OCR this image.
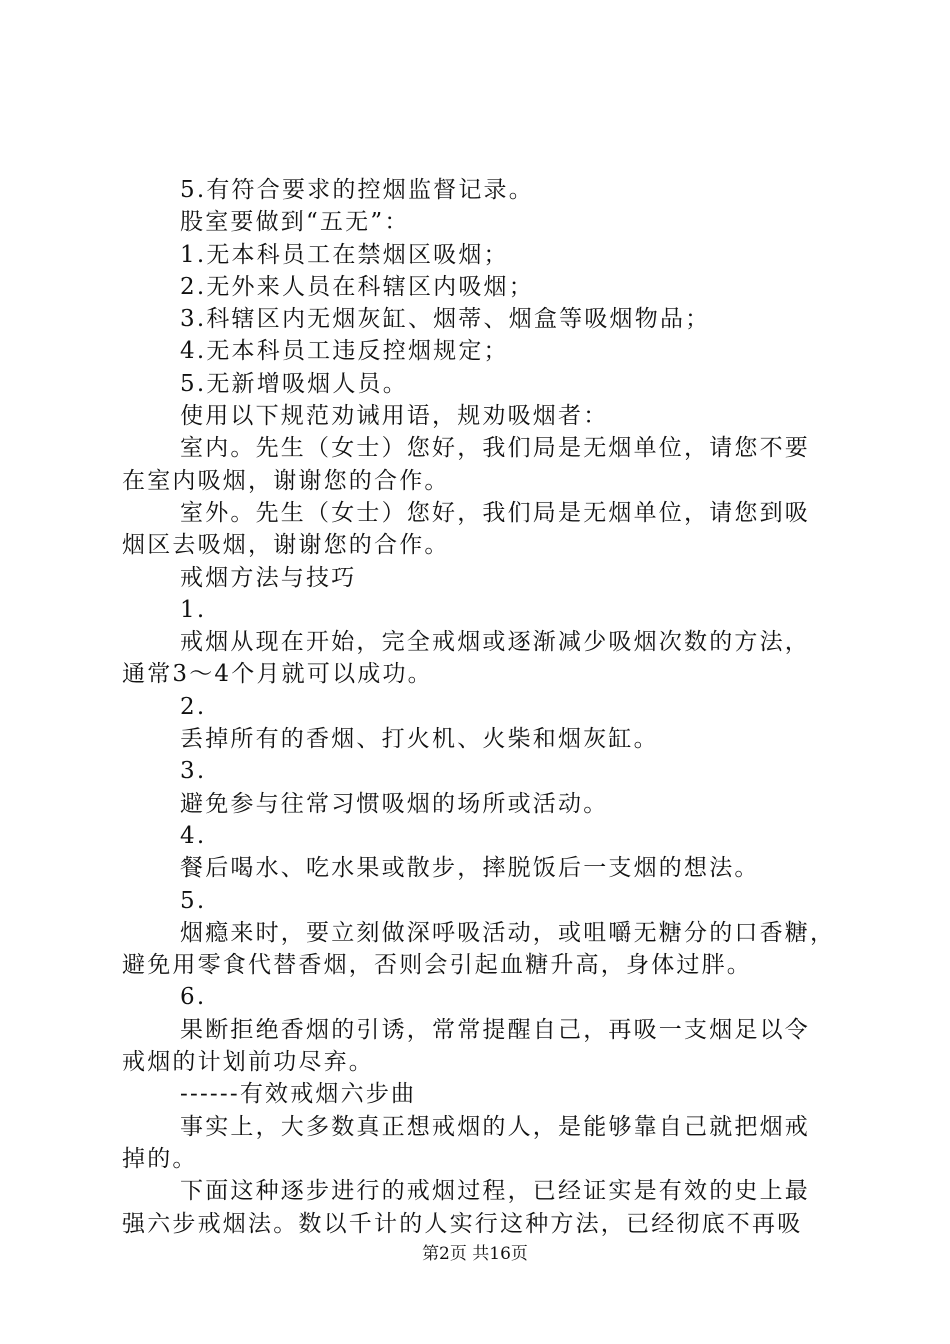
5.有符合要求的控烟监督记录。
股室要做到“五无”：
1.无本科员工在禁烟区吸烟；
2.无外来人员在科辖区内吸烟；
3.科辖区内无烟灰缸、烟蒂、烟盒等吸烟物品；
4.无本科员工违反控烟规定；
5.无新增吸烟人员。
使用以下规范劝诫用语，规劝吸烟者：
室内。先生（女士）您好，我们局是无烟单位，请您不要
在室内吸烟，谢谢您的合作。
室外。先生（女士）您好，我们局是无烟单位，请您到吸
烟区去吸烟，谢谢您的合作。
戒烟方法与技巧
1.
戒烟从现在开始，完全戒烟或逐渐减少吸烟次数的方法，
通常3～4个月就可以成功。
2.
丢掉所有的香烟、打火机、火柴和烟灰缸。
3.
避免参与往常习惯吸烟的场所或活动。
4.
餐后喝水、吃水果或散步，摔脱饭后一支烟的想法。
5.
烟瘾来时，要立刻做深呼吸活动，或咀嚼无糖分的口香糖，
避免用零食代替香烟，否则会引起血糖升高，身体过胖。
6.
果断拒绝香烟的引诱，常常提醒自己，再吸一支烟足以令
戒烟的计划前功尽弃。
------有效戒烟六步曲
事实上，大多数真正想戒烟的人，是能够靠自己就把烟戒
掉的。
下面这种逐步进行的戒烟过程，已经证实是有效的史上最
强六步戒烟法。数以千计的人实行这种方法，已经彻底不再吸
第2页 共16页
